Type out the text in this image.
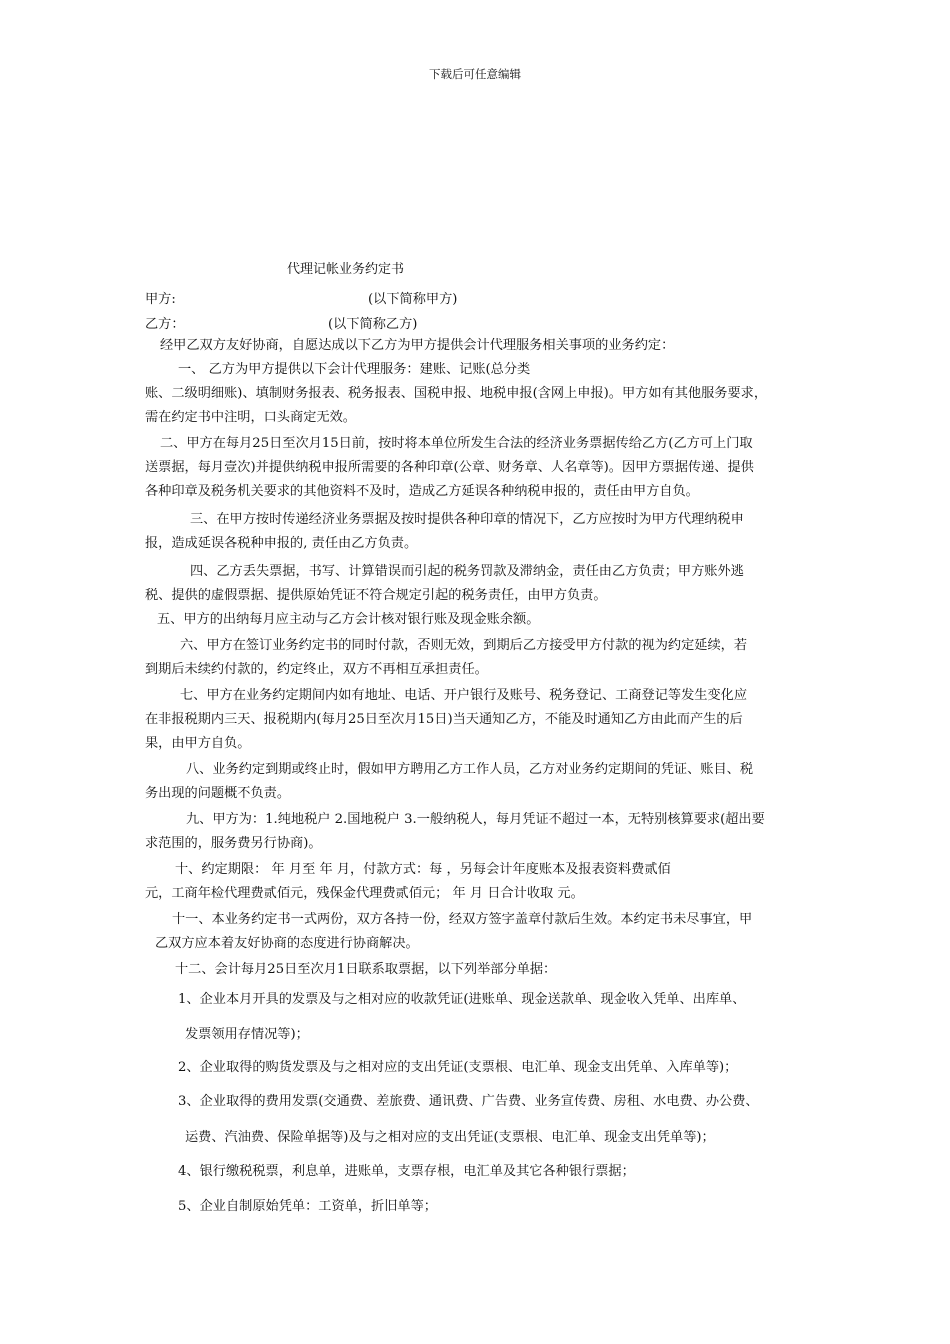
下载后可任意编辑
代理记帐业务约定书
甲方:	(以下简称甲方)
乙方：	(以下简称乙方)
经甲乙双方友好协商，自愿达成以下乙方为甲方提供会计代理服务相关事项的业务约定：
一、 乙方为甲方提供以下会计代理服务：建账、记账(总分类
账、二级明细账)、填制财务报表、税务报表、国税申报、地税申报(含网上申报)。甲方如有其他服务要求，
需在约定书中注明，口头商定无效。
二、甲方在每月25日至次月15日前，按时将本单位所发生合法的经济业务票据传给乙方(乙方可上门取
送票据，每月壹次)并提供纳税申报所需要的各种印章(公章、财务章、人名章等)。因甲方票据传递、提供
各种印章及税务机关要求的其他资料不及时，造成乙方延误各种纳税申报的，责任由甲方自负。
三、在甲方按时传递经济业务票据及按时提供各种印章的情况下，乙方应按时为甲方代理纳税申
报，造成延误各税种申报的, 责任由乙方负责。
四、乙方丢失票据，书写、计算错误而引起的税务罚款及滞纳金，责任由乙方负责；甲方账外逃
税、提供的虚假票据、提供原始凭证不符合规定引起的税务责任，由甲方负责。
五、甲方的出纳每月应主动与乙方会计核对银行账及现金账余额。
六、甲方在签订业务约定书的同时付款，否则无效，到期后乙方接受甲方付款的视为约定延续，若
到期后未续约付款的，约定终止，双方不再相互承担责任。
七、甲方在业务约定期间内如有地址、电话、开户银行及账号、税务登记、工商登记等发生变化应
在非报税期内三天、报税期内(每月25日至次月15日)当天通知乙方，不能及时通知乙方由此而产生的后
果，由甲方自负。
八、业务约定到期或终止时，假如甲方聘用乙方工作人员，乙方对业务约定期间的凭证、账目、税
务出现的问题概不负责。
九、甲方为：1.纯地税户 2.国地税户 3.一般纳税人，每月凭证不超过一本，无特别核算要求(超出要
求范围的，服务费另行协商)。
十、约定期限： 年 月至 年 月，付款方式：每 ，另每会计年度账本及报表资料费贰佰
元，工商年检代理费贰佰元，残保金代理费贰佰元； 年 月 日合计收取 元。
十一、本业务约定书一式两份，双方各持一份，经双方签字盖章付款后生效。本约定书未尽事宜，甲
乙双方应本着友好协商的态度进行协商解决。
十二、会计每月25日至次月1日联系取票据，以下列举部分单据：
1、企业本月开具的发票及与之相对应的收款凭证(进账单、现金送款单、现金收入凭单、出库单、
发票领用存情况等)；
2、企业取得的购货发票及与之相对应的支出凭证(支票根、电汇单、现金支出凭单、入库单等)；
3、企业取得的费用发票(交通费、差旅费、通讯费、广告费、业务宣传费、房租、水电费、办公费、
运费、汽油费、保险单据等)及与之相对应的支出凭证(支票根、电汇单、现金支出凭单等)；
4、银行缴税税票，利息单，进账单，支票存根，电汇单及其它各种银行票据；
5、企业自制原始凭单：工资单，折旧单等；
